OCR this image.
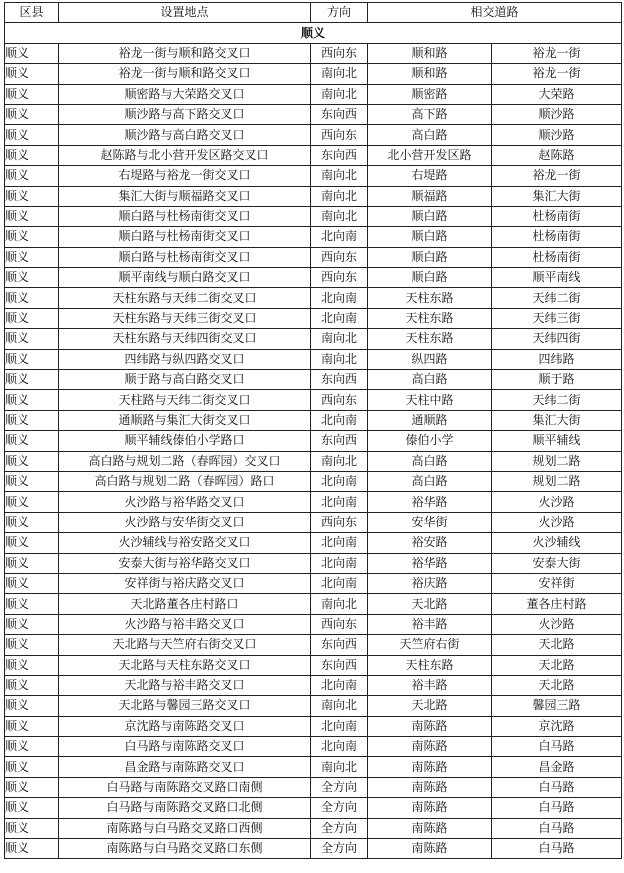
区县	设置地点	方向	相交道路	
顺义				
顺义	裕龙一街与顺和路交叉口	西向东	顺和路	裕龙一街
顺义	裕龙一街与顺和路交叉口	南向北	顺和路	裕龙一街
顺义	顺密路与大荣路交叉口	南向北	顺密路	大荣路
顺义	顺沙路与高下路交叉口	东向西	高下路	顺沙路
顺义	顺沙路与高白路交叉口	西向东	高白路	顺沙路
顺义	赵陈路与北小营开发区路交叉口	东向西	北小营开发区路	赵陈路
顺义	右堤路与裕龙一街交叉口	南向北	右堤路	裕龙一街
顺义	集汇大街与顺福路交叉口	南向北	顺福路	集汇大街
顺义	顺白路与杜杨南街交叉口	南向北	顺白路	杜杨南街
顺义	顺白路与杜杨南街交叉口	北向南	顺白路	杜杨南街
顺义	顺白路与杜杨南街交叉口	西向东	顺白路	杜杨南街
顺义	顺平南线与顺白路交叉口	西向东	顺白路	顺平南线
顺义	天柱东路与天纬二街交叉口	北向南	天柱东路	天纬二街
顺义	天柱东路与天纬三街交叉口	北向南	天柱东路	天纬三街
顺义	天柱东路与天纬四街交叉口	南向北	天柱东路	天纬四街
顺义	四纬路与纵四路交叉口	南向北	纵四路	四纬路
顺义	顺于路与高白路交叉口	东向西	高白路	顺于路
顺义	天柱路与天纬二街交叉口	西向东	天柱中路	天纬二街
顺义	通顺路与集汇大街交叉口	北向南	通顺路	集汇大街
顺义	顺平辅线傣伯小学路口	东向西	傣伯小学	顺平辅线
顺义	高白路与规划二路（春晖园）交叉口	南向北	高白路	规划二路
顺义	高白路与规划二路（春晖园）路口	北向南	高白路	规划二路
顺义	火沙路与裕华路交叉口	北向南	裕华路	火沙路
顺义	火沙路与安华街交叉口	西向东	安华街	火沙路
顺义	火沙辅线与裕安路交叉口	北向南	裕安路	火沙辅线
顺义	安泰大街与裕华路交叉口	北向南	裕华路	安泰大街
顺义	安祥街与裕庆路交叉口	北向南	裕庆路	安祥街
顺义	天北路董各庄村路口	南向北	天北路	董各庄村路
顺义	火沙路与裕丰路交叉口	西向东	裕丰路	火沙路
顺义	天北路与天竺府右街交叉口	东向西	天竺府右街	天北路
顺义	天北路与天柱东路交叉口	东向西	天柱东路	天北路
顺义	天北路与裕丰路交叉口	北向南	裕丰路	天北路
顺义	天北路与馨园三路交叉口	南向北	天北路	馨园三路
顺义	京沈路与南陈路交叉口	北向南	南陈路	京沈路
顺义	白马路与南陈路交叉口	北向南	南陈路	白马路
顺义	昌金路与南陈路交叉口	南向北	南陈路	昌金路
顺义	白马路与南陈路交叉路口南侧	全方向	南陈路	白马路
顺义	白马路与南陈路交叉路口北侧	全方向	南陈路	白马路
顺义	南陈路与白马路交叉路口西侧	全方向	南陈路	白马路
顺义	南陈路与白马路交叉路口东侧	全方向	南陈路	白马路
